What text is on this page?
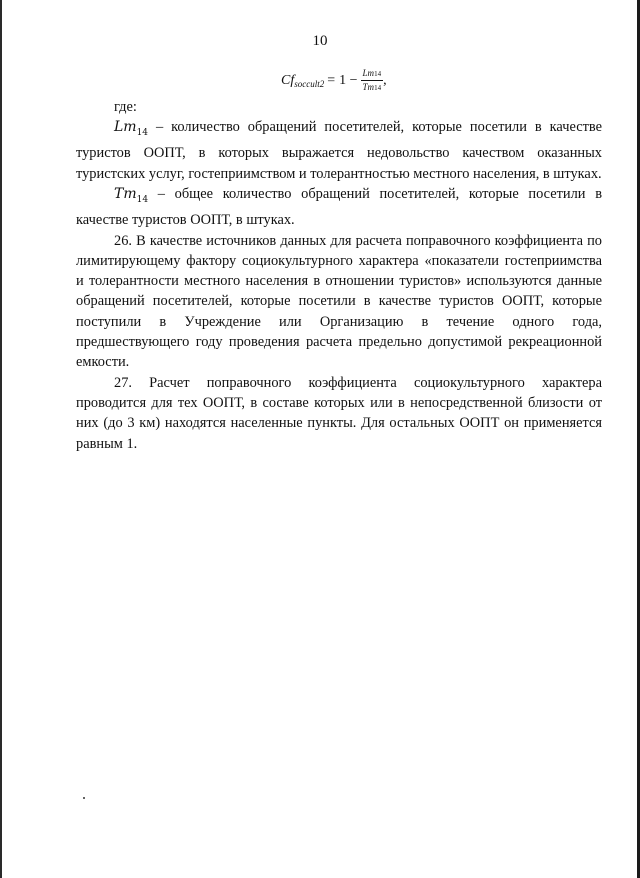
10
$Cf_{soccult2} = 1 - \frac{Lm14}{Tm14}$ ,

где:

$Lm_{14}$ – количество обращений посетителей, которые посетили в качестве туристов ООПТ, в которых выражается недовольство качеством оказанных туристских услуг, гостеприимством и толерантностью местного населения, в штуках.

$Tm_{14}$ – общее количество обращений посетителей, которые посетили в качестве туристов ООПТ, в штуках.

26. В качестве источников данных для расчета поправочного коэффициента по лимитирующему фактору социокультурного характера «показатели гостеприимства и толерантности местного населения в отношении туристов» используются данные обращений посетителей, которые посетили в качестве туристов ООПТ, которые поступили в Учреждение или Организацию в течение одного года, предшествующего году проведения расчета предельно допустимой рекреационной емкости.

27. Расчет поправочного коэффициента социокультурного характера проводится для тех ООПТ, в составе которых или в непосредственной близости от них (до 3 км) находятся населенные пункты. Для остальных ООПТ он применяется равным 1.
